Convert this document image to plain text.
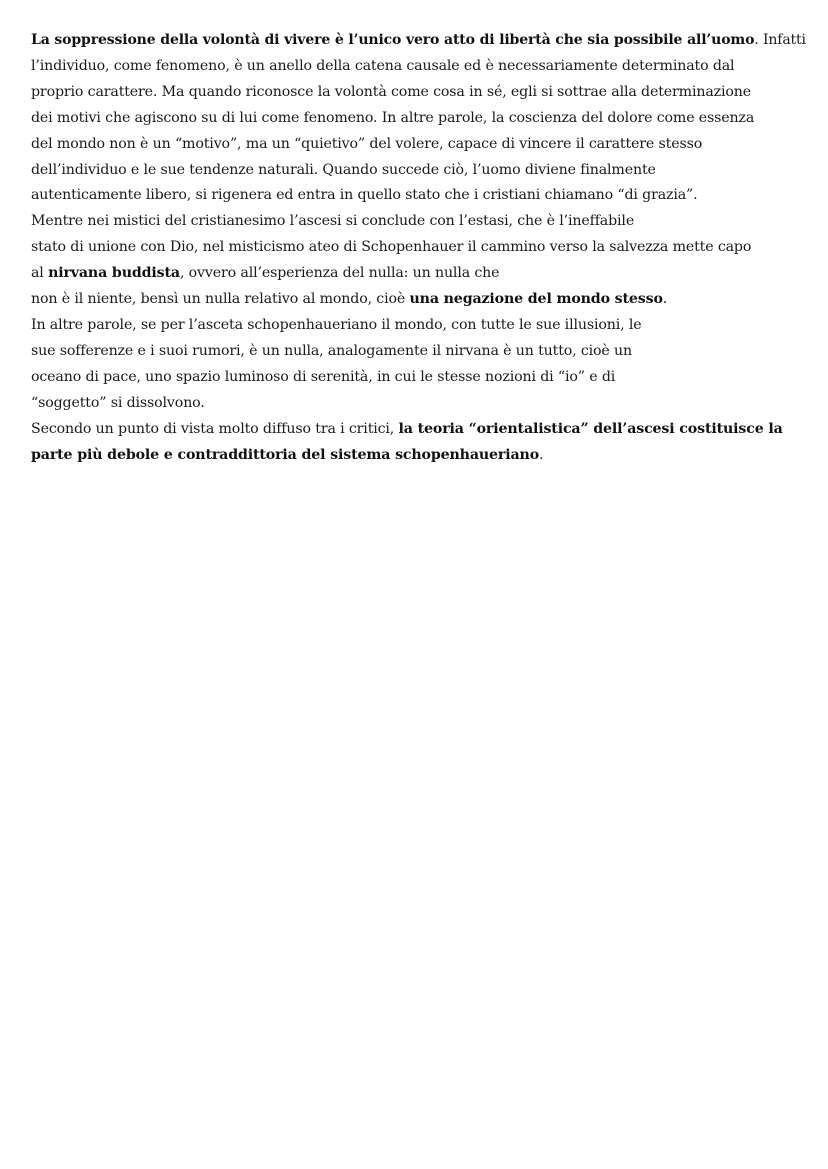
La soppressione della volontà di vivere è l’unico vero atto di libertà che sia possibile all’uomo. Infatti
l’individuo, come fenomeno, è un anello della catena causale ed è necessariamente determinato dal
proprio carattere. Ma quando riconosce la volontà come cosa in sé, egli si sottrae alla determinazione
dei motivi che agiscono su di lui come fenomeno. In altre parole, la coscienza del dolore come essenza
del mondo non è un “motivo”, ma un “quietivo” del volere, capace di vincere il carattere stesso
dell’individuo e le sue tendenze naturali. Quando succede ciò, l’uomo diviene finalmente
autenticamente libero, si rigenera ed entra in quello stato che i cristiani chiamano “di grazia”.
Mentre nei mistici del cristianesimo l’ascesi si conclude con l’estasi, che è l’ineffabile
stato di unione con Dio, nel misticismo ateo di Schopenhauer il cammino verso la salvezza mette capo
al nirvana buddista, ovvero all’esperienza del nulla: un nulla che
non è il niente, bensì un nulla relativo al mondo, cioè una negazione del mondo stesso.
In altre parole, se per l’asceta schopenhaueriano il mondo, con tutte le sue illusioni, le
sue sofferenze e i suoi rumori, è un nulla, analogamente il nirvana è un tutto, cioè un
oceano di pace, uno spazio luminoso di serenità, in cui le stesse nozioni di “io” e di
“soggetto” si dissolvono.
Secondo un punto di vista molto diffuso tra i critici, la teoria “orientalistica” dell’ascesi costituisce la
parte più debole e contraddittoria del sistema schopenhaueriano.
